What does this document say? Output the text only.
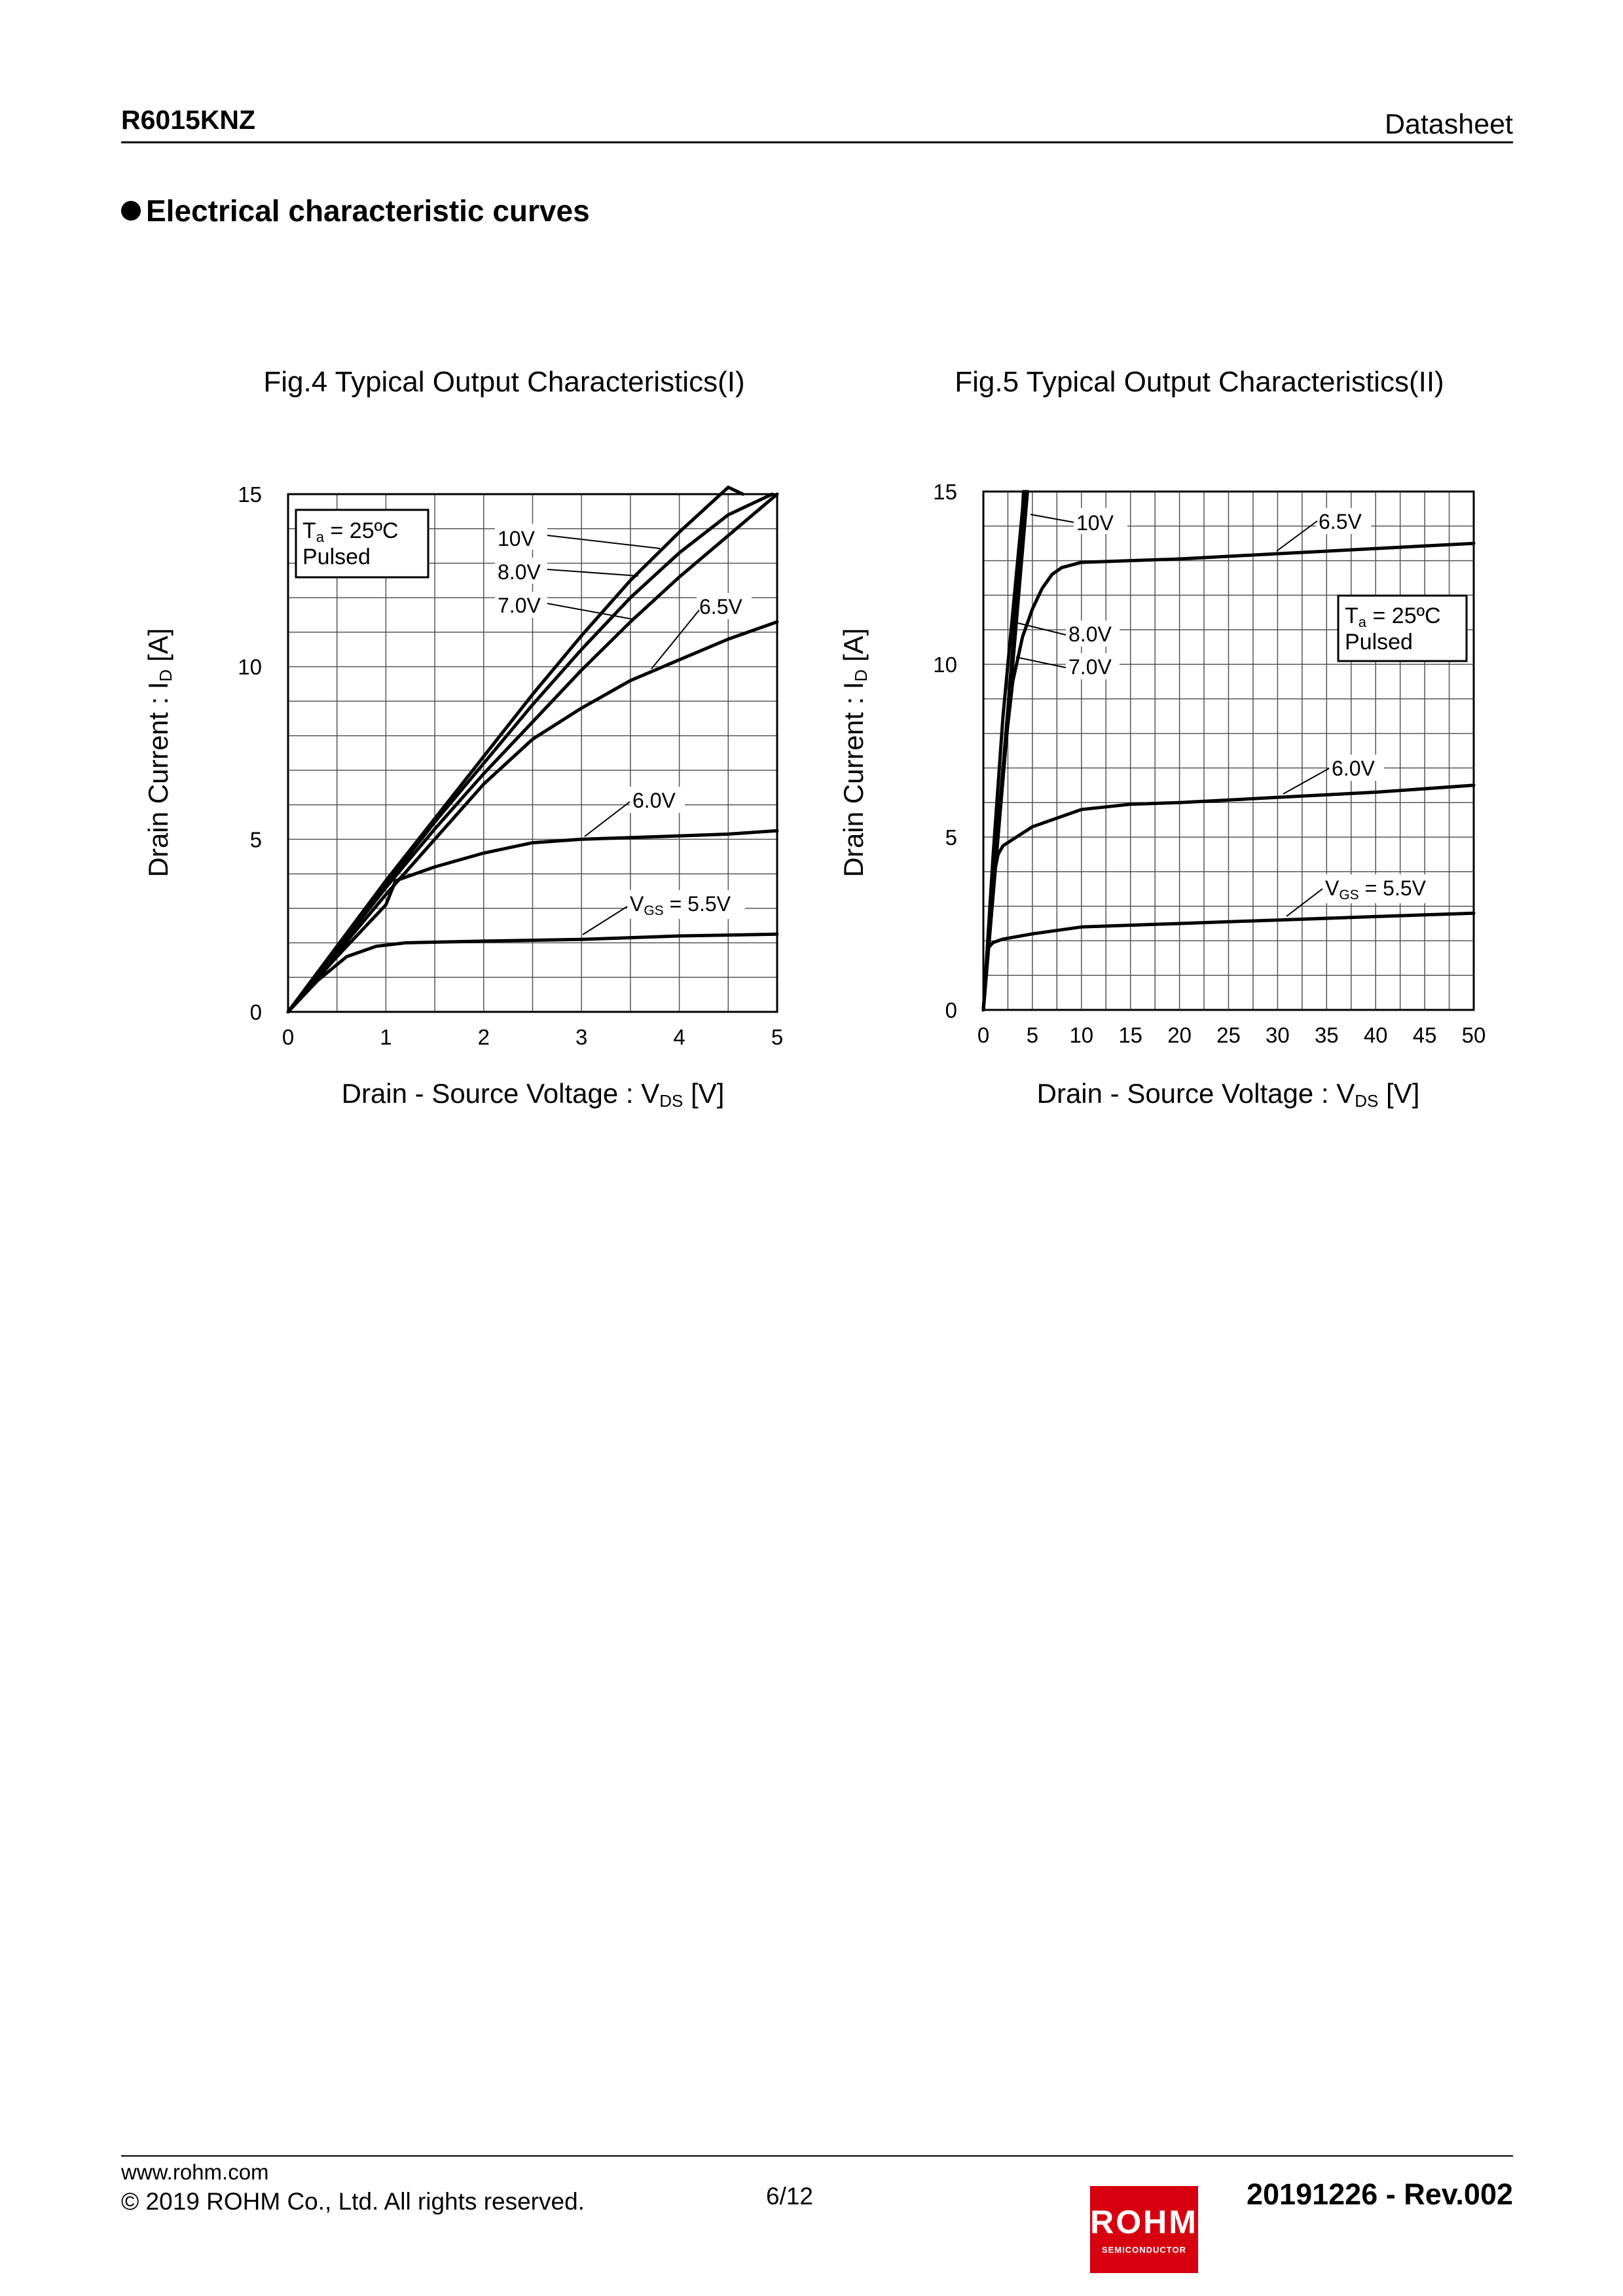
R6015KNZ	Datasheet
Electrical characteristic curves
Fig.4 Typical Output Characteristics(I)
0	1	2	3	4	5
0
5
10
15
Drain - Source Voltage : VDS [V]
Drain Current : ID [A]
Ta = 25ºC
Pulsed
10V
8.0V
7.0V	6.5V
6.0V
VGS = 5.5V
Fig.5 Typical Output Characteristics(II)
0 5 10 15 20 25 30 35 40 45 50
0
5
10
15
Drain - Source Voltage : VDS [V]
Drain Current : ID [A]
Ta = 25ºC
Pulsed
10V
8.0V
7.0V
6.5V
6.0V
VGS = 5.5V
www.rohm.com
© 2019 ROHM Co., Ltd. All rights reserved.	6/12
ROHM
SEMICONDUCTOR
20191226 - Rev.002
